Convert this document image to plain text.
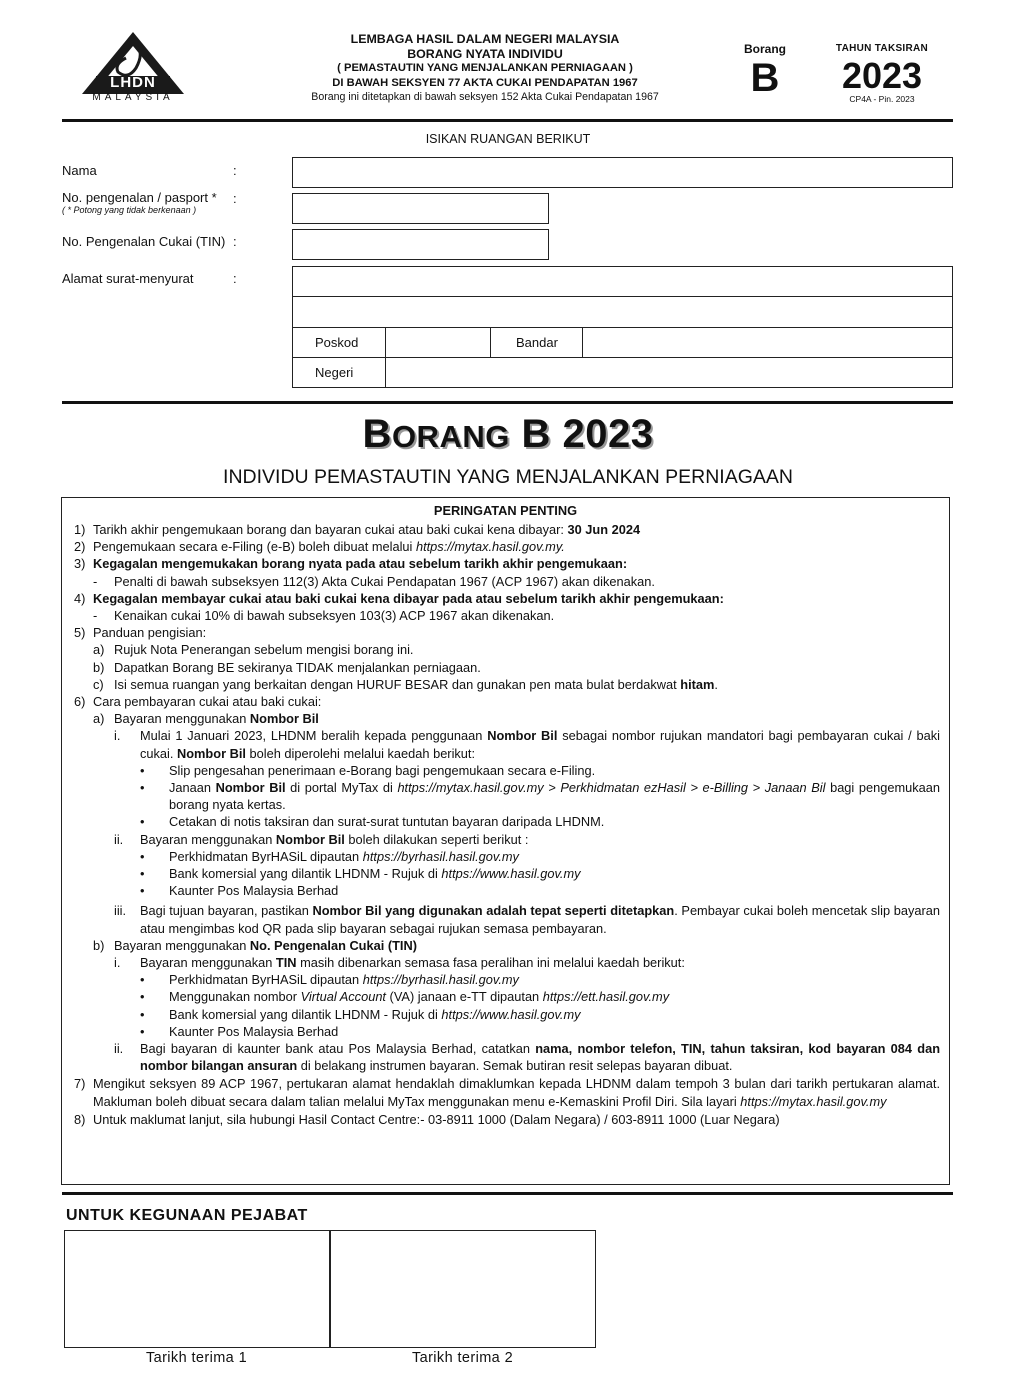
LHDN
MALAYSIA
LEMBAGA HASIL DALAM NEGERI MALAYSIA
BORANG NYATA INDIVIDU
( PEMASTAUTIN YANG MENJALANKAN PERNIAGAAN )
DI BAWAH SEKSYEN 77 AKTA CUKAI PENDAPATAN 1967
Borang ini ditetapkan di bawah seksyen 152 Akta Cukai Pendapatan 1967
Borang
B
TAHUN TAKSIRAN
2023
CP4A - Pin. 2023
ISIKAN RUANGAN BERIKUT
Nama	:
No. pengenalan / pasport *
( * Potong yang tidak berkenaan )
:
No. Pengenalan Cukai (TIN) :
Alamat surat-menyurat	:
Poskod	Bandar
Negeri
BORANG B 2023
INDIVIDU PEMASTAUTIN YANG MENJALANKAN PERNIAGAAN
PERINGATAN PENTING
1) Tarikh akhir pengemukaan borang dan bayaran cukai atau baki cukai kena dibayar: 30 Jun 2024
2) Pengemukaan secara e-Filing (e-B) boleh dibuat melalui https://mytax.hasil.gov.my.
3) Kegagalan mengemukakan borang nyata pada atau sebelum tarikh akhir pengemukaan:
-	Penalti di bawah subseksyen 112(3) Akta Cukai Pendapatan 1967 (ACP 1967) akan dikenakan.
4) Kegagalan membayar cukai atau baki cukai kena dibayar pada atau sebelum tarikh akhir pengemukaan:
-	Kenaikan cukai 10% di bawah subseksyen 103(3) ACP 1967 akan dikenakan.
5) Panduan pengisian:
a) Rujuk Nota Penerangan sebelum mengisi borang ini.
b) Dapatkan Borang BE sekiranya TIDAK menjalankan perniagaan.
c) Isi semua ruangan yang berkaitan dengan HURUF BESAR dan gunakan pen mata bulat berdakwat hitam.
6) Cara pembayaran cukai atau baki cukai:
a) Bayaran menggunakan Nombor Bil
i.	Mulai 1 Januari 2023, LHDNM beralih kepada penggunaan Nombor Bil sebagai nombor rujukan mandatori bagi pembayaran cukai / baki cukai. Nombor Bil boleh diperolehi melalui kaedah berikut:
•	Slip pengesahan penerimaan e-Borang bagi pengemukaan secara e-Filing.
•	Janaan Nombor Bil di portal MyTax di https://mytax.hasil.gov.my > Perkhidmatan ezHasil > e-Billing > Janaan Bil bagi pengemukaan borang nyata kertas.
•	Cetakan di notis taksiran dan surat-surat tuntutan bayaran daripada LHDNM.
ii.	Bayaran menggunakan Nombor Bil boleh dilakukan seperti berikut :
•	Perkhidmatan ByrHASiL dipautan https://byrhasil.hasil.gov.my
•	Bank komersial yang dilantik LHDNM - Rujuk di https://www.hasil.gov.my
•	Kaunter Pos Malaysia Berhad
iii.	Bagi tujuan bayaran, pastikan Nombor Bil yang digunakan adalah tepat seperti ditetapkan. Pembayar cukai boleh mencetak slip bayaran atau mengimbas kod QR pada slip bayaran sebagai rujukan semasa pembayaran.
b) Bayaran menggunakan No. Pengenalan Cukai (TIN)
i.	Bayaran menggunakan TIN masih dibenarkan semasa fasa peralihan ini melalui kaedah berikut:
•	Perkhidmatan ByrHASiL dipautan https://byrhasil.hasil.gov.my
•	Menggunakan nombor Virtual Account (VA) janaan e-TT dipautan https://ett.hasil.gov.my
•	Bank komersial yang dilantik LHDNM - Rujuk di https://www.hasil.gov.my
•	Kaunter Pos Malaysia Berhad
ii.	Bagi bayaran di kaunter bank atau Pos Malaysia Berhad, catatkan nama, nombor telefon, TIN, tahun taksiran, kod bayaran 084 dan nombor bilangan ansuran di belakang instrumen bayaran. Semak butiran resit selepas bayaran dibuat.
7) Mengikut seksyen 89 ACP 1967, pertukaran alamat hendaklah dimaklumkan kepada LHDNM dalam tempoh 3 bulan dari tarikh pertukaran alamat. Makluman boleh dibuat secara dalam talian melalui MyTax menggunakan menu e-Kemaskini Profil Diri. Sila layari https://mytax.hasil.gov.my
8) Untuk maklumat lanjut, sila hubungi Hasil Contact Centre:- 03-8911 1000 (Dalam Negara) / 603-8911 1000 (Luar Negara)
UNTUK KEGUNAAN PEJABAT
Tarikh terima 1	Tarikh terima 2
